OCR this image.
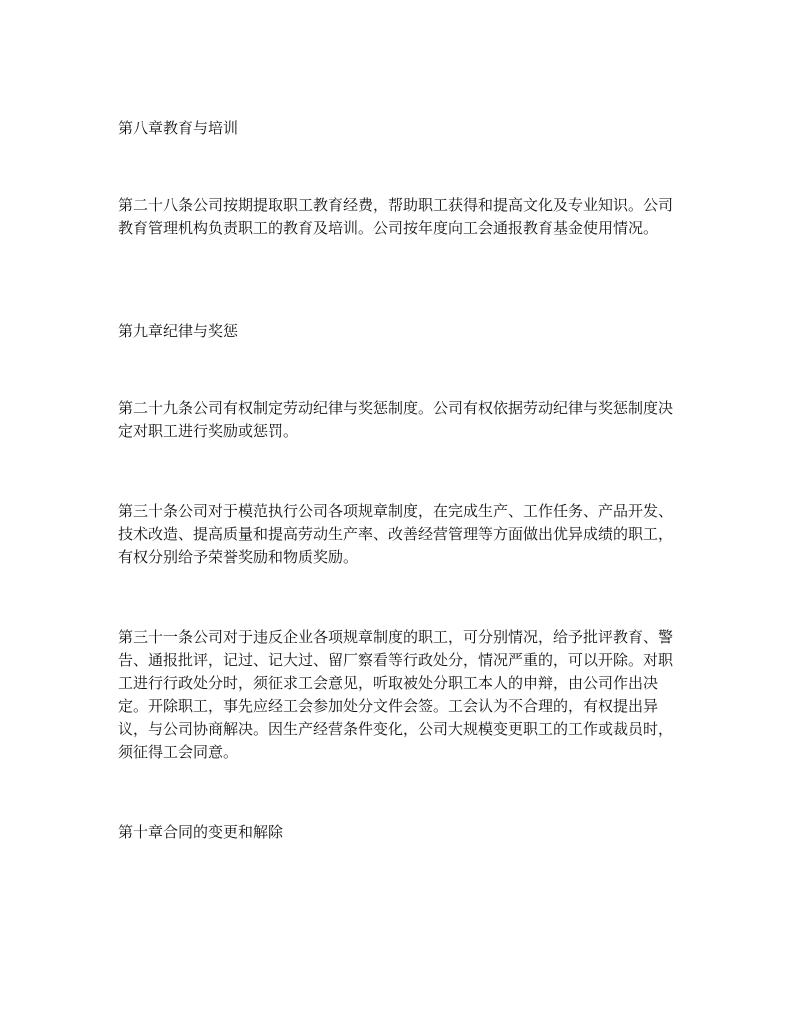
第八章教育与培训

第二十八条公司按期提取职工教育经费，帮助职工获得和提高文化及专业知识。公司教育管理机构负责职工的教育及培训。公司按年度向工会通报教育基金使用情况。

第九章纪律与奖惩

第二十九条公司有权制定劳动纪律与奖惩制度。公司有权依据劳动纪律与奖惩制度决定对职工进行奖励或惩罚。

第三十条公司对于模范执行公司各项规章制度，在完成生产、工作任务、产品开发、技术改造、提高质量和提高劳动生产率、改善经营管理等方面做出优异成绩的职工，有权分别给予荣誉奖励和物质奖励。

第三十一条公司对于违反企业各项规章制度的职工，可分别情况，给予批评教育、警告、通报批评，记过、记大过、留厂察看等行政处分，情况严重的，可以开除。对职工进行行政处分时，须征求工会意见，听取被处分职工本人的申辩，由公司作出决定。开除职工，事先应经工会参加处分文件会签。工会认为不合理的，有权提出异议，与公司协商解决。因生产经营条件变化，公司大规模变更职工的工作或裁员时，须征得工会同意。

第十章合同的变更和解除
